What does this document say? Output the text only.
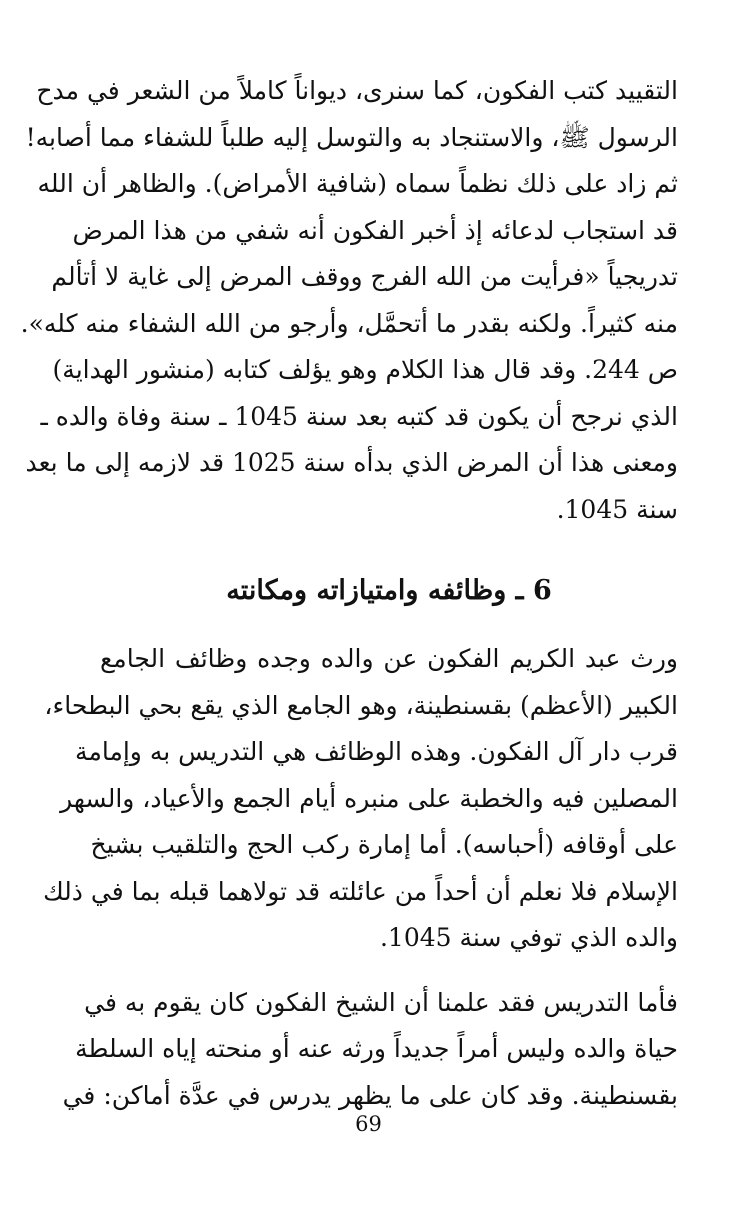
التقييد كتب الفكون، كما سنرى، ديواناً كاملاً من الشعر في مدح
الرسول ﷺ، والاستنجاد به والتوسل إليه طلباً للشفاء مما أصابه!
ثم زاد على ذلك نظماً سماه (شافية الأمراض). والظاهر أن الله
قد استجاب لدعائه إذ أخبر الفكون أنه شفي من هذا المرض
تدريجياً «فرأيت من الله الفرج ووقف المرض إلى غاية لا أتألم
منه كثيراً. ولكنه بقدر ما أتحمَّل، وأرجو من الله الشفاء منه كله».
ص 244. وقد قال هذا الكلام وهو يؤلف كتابه (منشور الهداية)
الذي نرجح أن يكون قد كتبه بعد سنة 1045 ـ سنة وفاة والده ـ
ومعنى هذا أن المرض الذي بدأه سنة 1025 قد لازمه إلى ما بعد
سنة 1045.

6 ـ وظائفه وامتيازاته ومكانته

ورث عبد الكريم الفكون عن والده وجده وظائف الجامع
الكبير (الأعظم) بقسنطينة، وهو الجامع الذي يقع بحي البطحاء،
قرب دار آل الفكون. وهذه الوظائف هي التدريس به وإمامة
المصلين فيه والخطبة على منبره أيام الجمع والأعياد، والسهر
على أوقافه (أحباسه). أما إمارة ركب الحج والتلقيب بشيخ
الإسلام فلا نعلم أن أحداً من عائلته قد تولاهما قبله بما في ذلك
والده الذي توفي سنة 1045.

فأما التدريس فقد علمنا أن الشيخ الفكون كان يقوم به في
حياة والده وليس أمراً جديداً ورثه عنه أو منحته إياه السلطة
بقسنطينة. وقد كان على ما يظهر يدرس في عدَّة أماكن: في

69
